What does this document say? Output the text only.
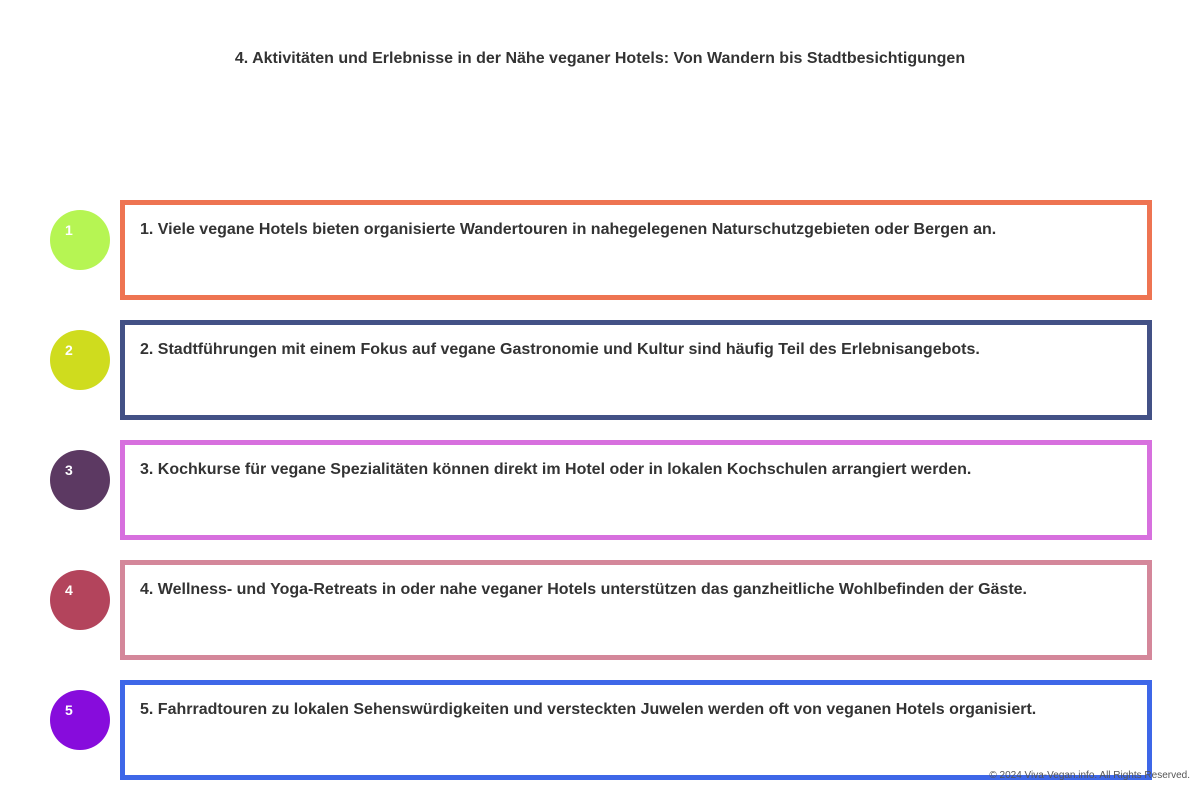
4. Aktivitäten und Erlebnisse in der Nähe veganer Hotels: Von Wandern bis Stadtbesichtigungen
1	1. Viele vegane Hotels bieten organisierte Wandertouren in nahegelegenen Naturschutzgebieten oder Bergen an.
2	2. Stadtführungen mit einem Fokus auf vegane Gastronomie und Kultur sind häufig Teil des Erlebnisangebots.
3	3. Kochkurse für vegane Spezialitäten können direkt im Hotel oder in lokalen Kochschulen arrangiert werden.
4	4. Wellness- und Yoga-Retreats in oder nahe veganer Hotels unterstützen das ganzheitliche Wohlbefinden der Gäste.
5	5. Fahrradtouren zu lokalen Sehenswürdigkeiten und versteckten Juwelen werden oft von veganen Hotels organisiert.
© 2024 Viva-Vegan.info. All Rights Reserved.
